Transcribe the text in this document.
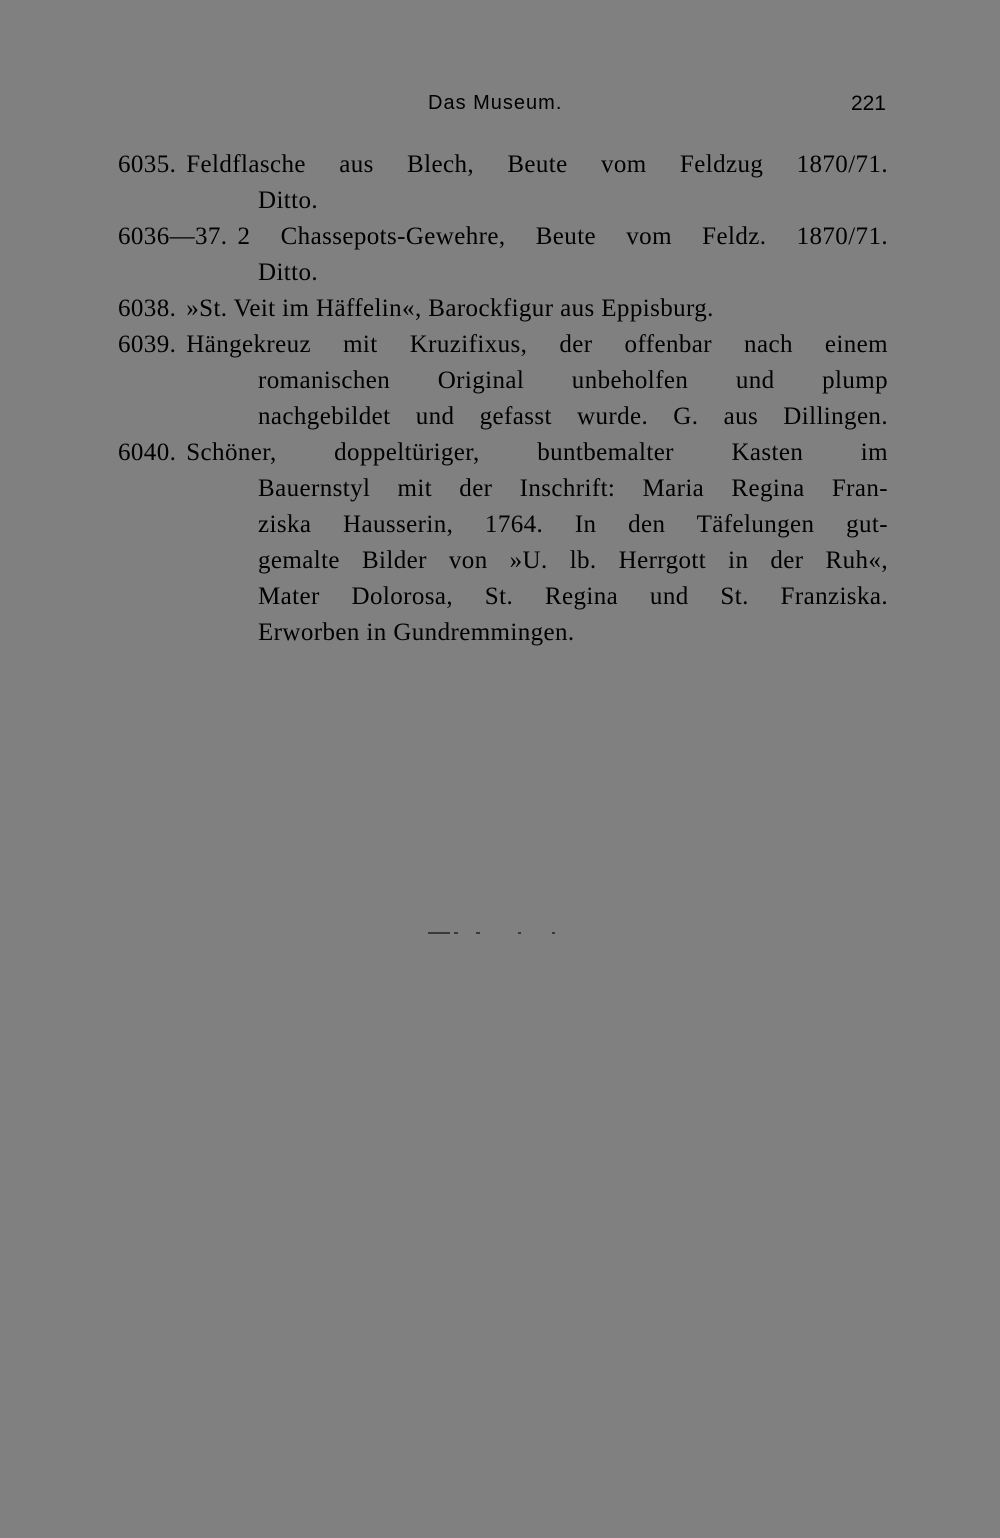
Das Museum.	221

6035. Feldflasche aus Blech, Beute vom Feldzug 1870/71.
Ditto.

6036—37. 2 Chassepots-Gewehre, Beute vom Feldz. 1870/71.
Ditto.

6038. »St. Veit im Häffelin«, Barockfigur aus Eppisburg.

6039. Hängekreuz mit Kruzifixus, der offenbar nach einem
romanischen Original unbeholfen und plump
nachgebildet und gefasst wurde. G. aus Dillingen.

6040. Schöner, doppeltüriger, buntbemalter Kasten im
Bauernstyl mit der Inschrift: Maria Regina Fran-
ziska Hausserin, 1764. In den Täfelungen gut-
gemalte Bilder von »U. lb. Herrgott in der Ruh«,
Mater Dolorosa, St. Regina und St. Franziska.
Erworben in Gundremmingen.
